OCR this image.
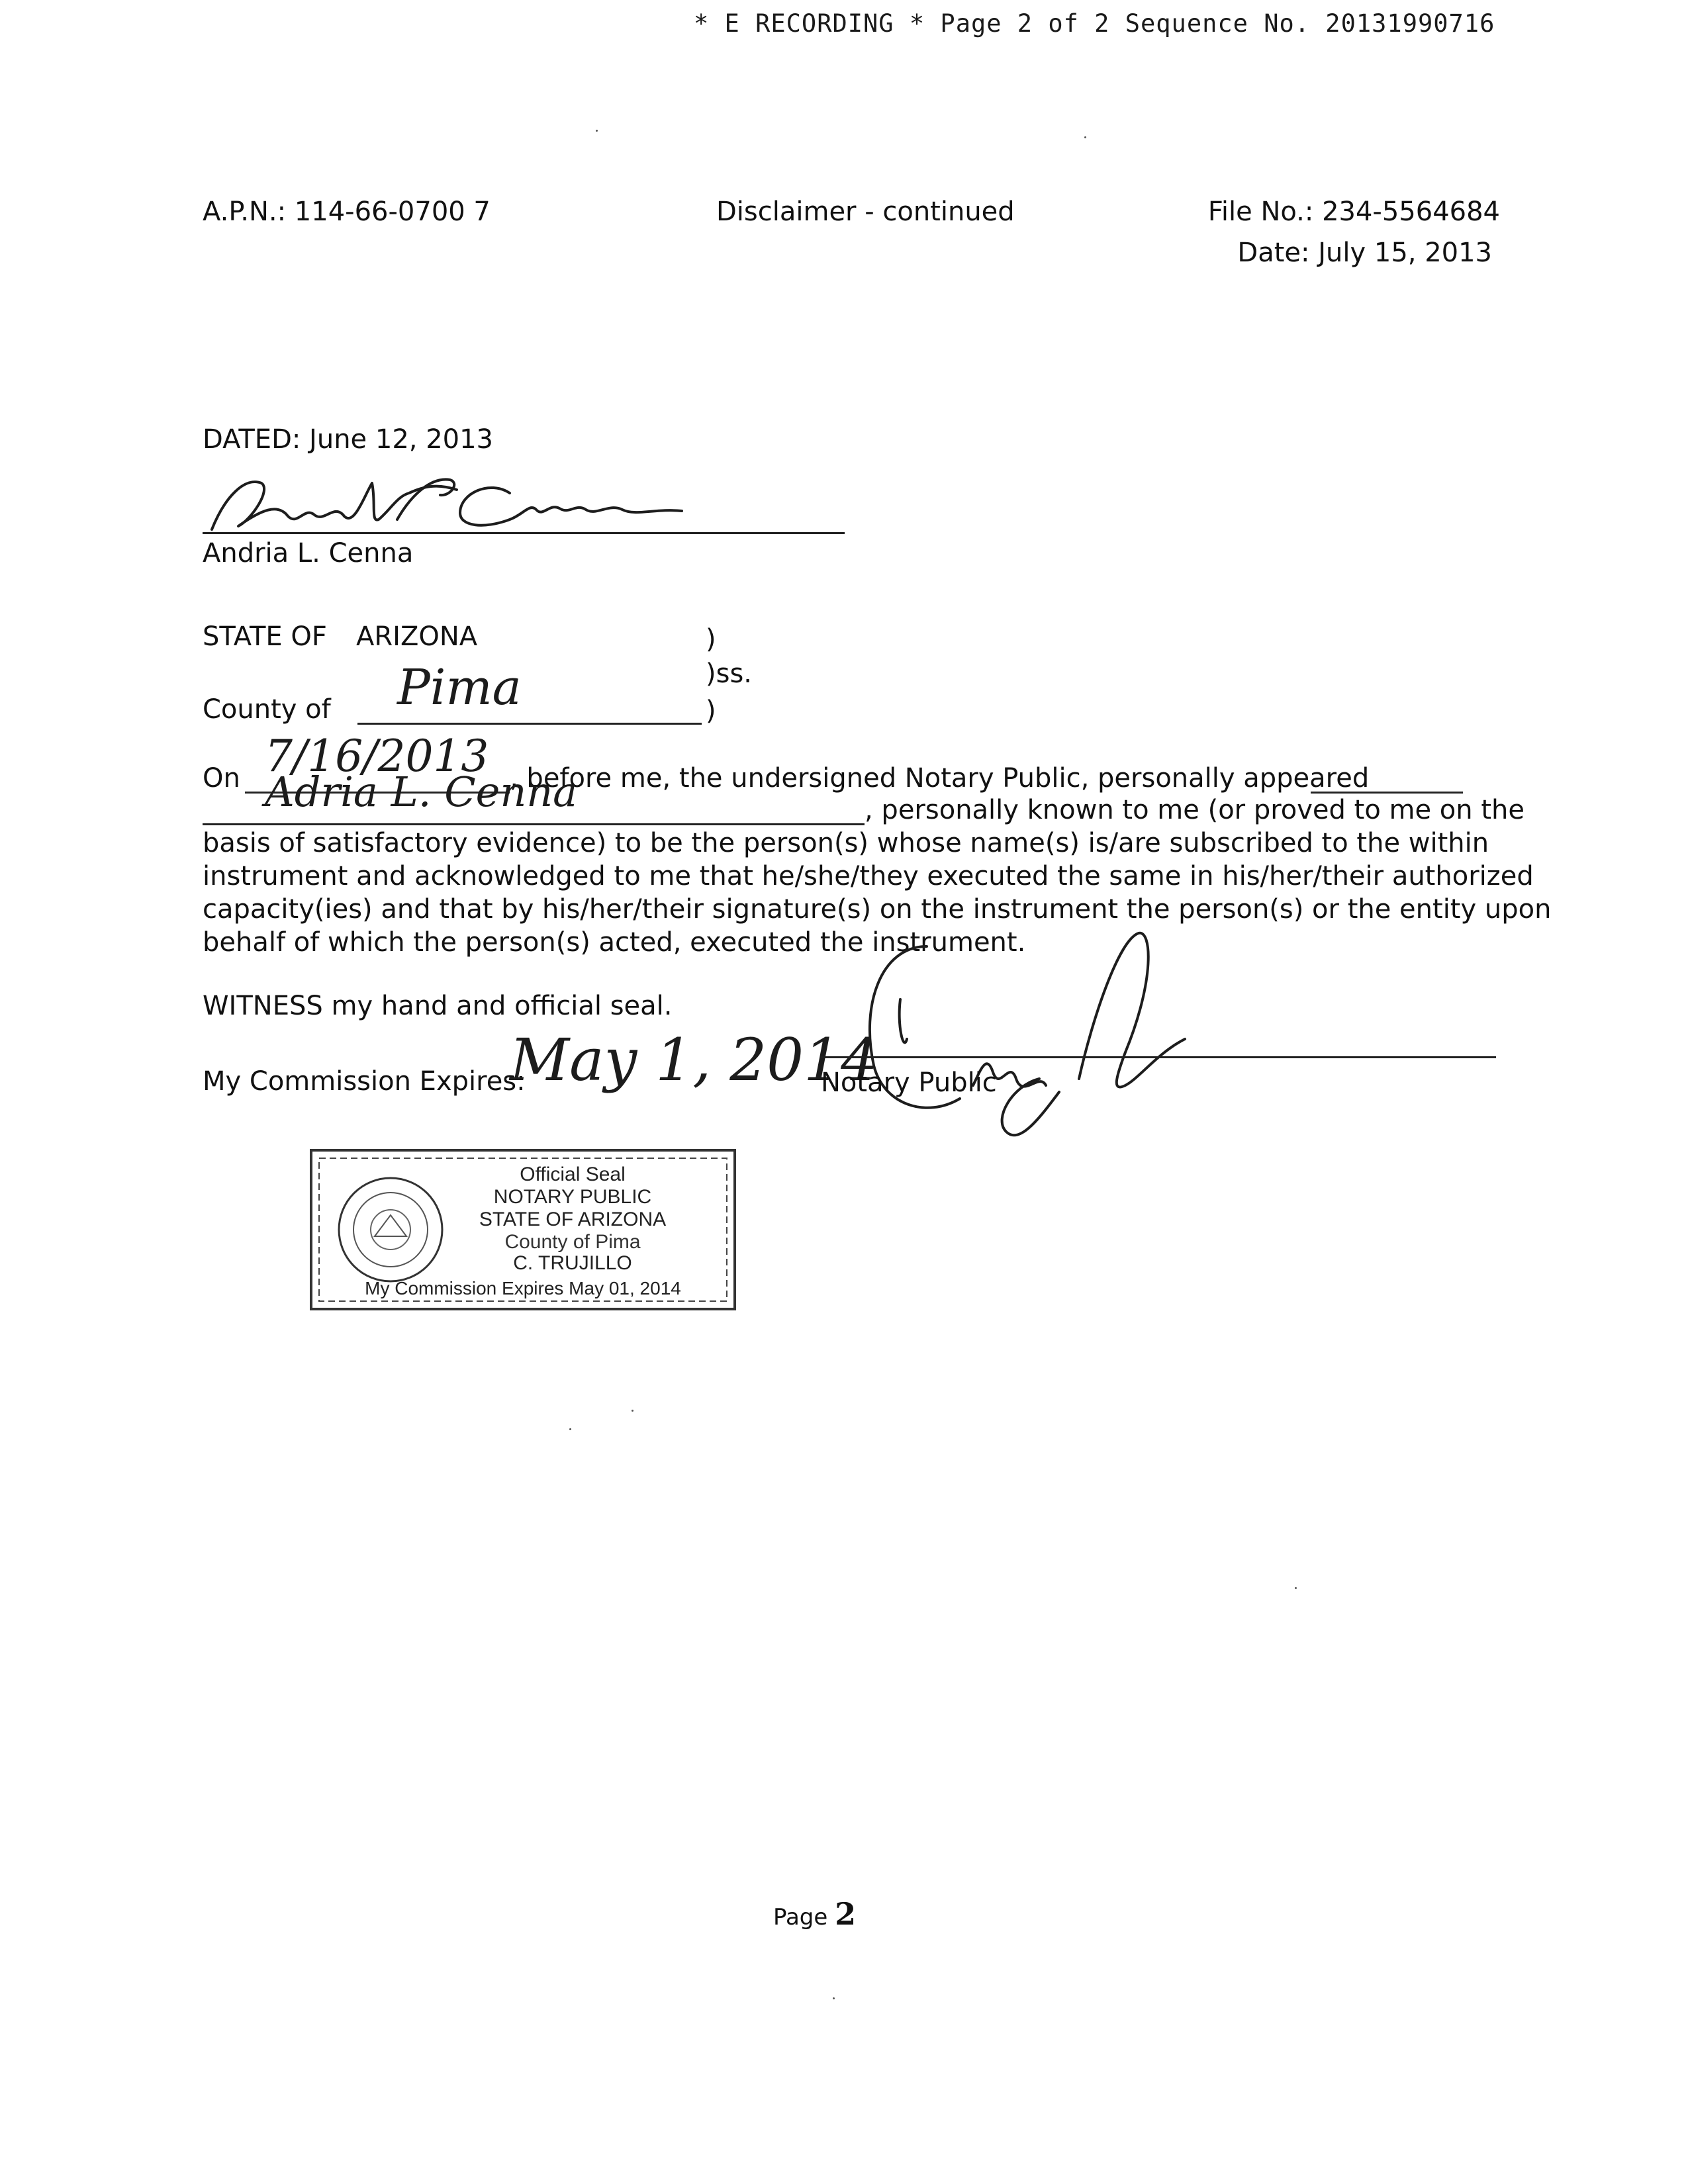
* E RECORDING * Page 2 of 2 Sequence No. 20131990716
A.P.N.: 114-66-0700 7	Disclaimer - continued	File No.: 234-5564684
Date: July 15, 2013
DATED: June 12, 2013
Andria L. Cenna
STATE OF ARIZONA	)
)ss.
County of Pima	)
On 7/16/2013 , before me, the undersigned Notary Public, personally appeared
Adria L. Cenna	, personally known to me (or proved to me on the
basis of satisfactory evidence) to be the person(s) whose name(s) is/are subscribed to the within
instrument and acknowledged to me that he/she/they executed the same in his/her/their authorized
capacity(ies) and that by his/her/their signature(s) on the instrument the person(s) or the entity upon
behalf of which the person(s) acted, executed the instrument.
WITNESS my hand and official seal.
My Commission Expires:
May 1, 2014
Notary Public
Official Seal
NOTARY PUBLIC
STATE OF ARIZONA
County of Pima
C. TRUJILLO
My Commission Expires May 01, 2014
Page 2
